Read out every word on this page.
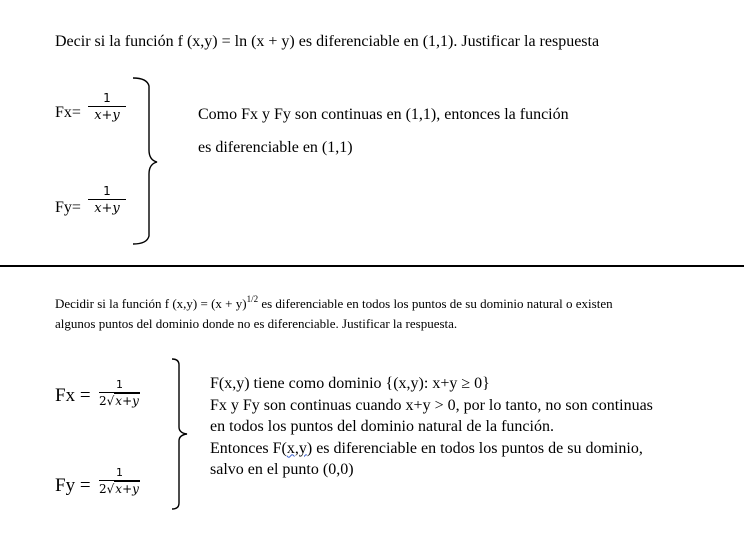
Decir si la función f (x,y) = ln (x + y) es diferenciable en (1,1). Justificar la respuesta
Fx=
1
x+y
Fy=
1
x+y
Como Fx y Fy son continuas en (1,1), entonces la función
es diferenciable en (1,1)
Decidir si la función f $(x,y) = (x + y)^{1/2}$ es diferenciable en todos los puntos de su dominio natural o existen algunos puntos del dominio donde no es diferenciable. Justificar la respuesta.
Fx =
1
2√x+y
Fy =
1
2√x+y
F(x,y) tiene como dominio {(x,y): x+y ≥ 0}
Fx y Fy son continuas cuando x+y > 0, por lo tanto, no son continuas
en todos los puntos del dominio natural de la función.
Entonces F(x,y) es diferenciable en todos los puntos de su dominio,
salvo en el punto (0,0)
